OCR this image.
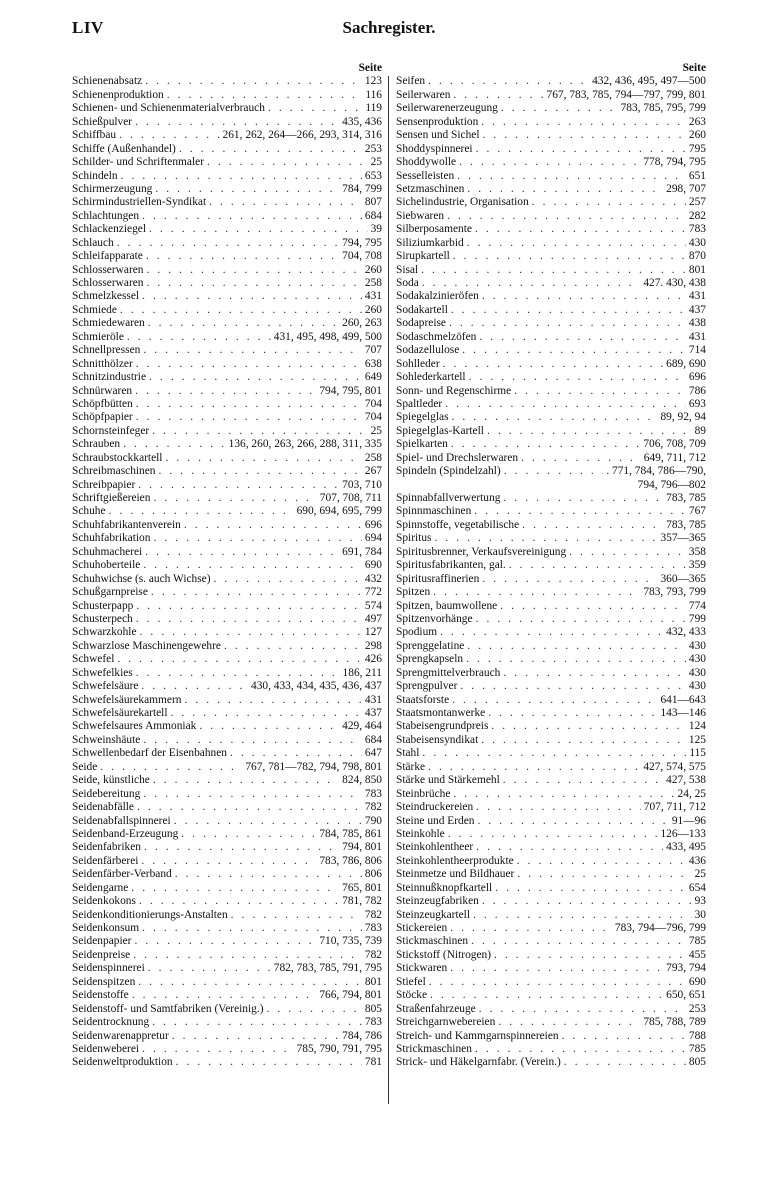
LIV	Sachregister.
Seite
Schienenabsatz . . .	123
Schienenproduktion . . .	116
Schienen- und Schienenmaterialverbrauch . . .	119
Schießpulver . . .	435, 436
Schiffbau . . .	261, 262, 264—266, 293, 314, 316
Schiffe (Außenhandel) . . .	253
Schilder- und Schriftenmaler . . .	25
Schindeln . . .	653
Schirmerzeugung . . .	784, 799
Schirmindustriellen-Syndikat . . .	807
Schlachtungen . . .	684
Schlackenziegel . . .	39
Schlauch . . .	794, 795
Schleifapparate . . .	704, 708
Schlosserwaren . . .	260
Schlosserwaren . . .	258
Schmelzkessel . . .	431
Schmiede . . .	260
Schmiedewaren . . .	260, 263
Schmieröle . . .	431, 495, 498, 499, 500
Schnellpressen . . .	707
Schnitthölzer . . .	638
Schnitzindustrie . . .	649
Schnürwaren . . .	794, 795, 801
Schöpfbütten . . .	704
Schöpfpapier . . .	704
Schornsteinfeger . . .	25
Schrauben . . .	136, 260, 263, 266, 288, 311, 335
Schraubstockkartell . . .	258
Schreibmaschinen . . .	267
Schreibpapier . . .	703, 710
Schriftgießereien . . .	707, 708, 711
Schuhe . . .	690, 694, 695, 799
Schuhfabrikantenverein . . .	696
Schuhfabrikation . . .	694
Schuhmacherei . . .	691, 784
Schuhoberteile . . .	690
Schuhwichse (s. auch Wichse) . . .	432
Schußgarnpreise . . .	772
Schusterpapp . . .	574
Schusterpech . . .	497
Schwarzkohle . . .	127
Schwarzlose Maschinengewehre . . .	298
Schwefel . . .	426
Schwefelkies . . .	186, 211
Schwefelsäure . . .	430, 433, 434, 435, 436, 437
Schwefelsäurekammern . . .	431
Schwefelsäurekartell . . .	437
Schwefelsaures Ammoniak . . .	429, 464
Schweinshäute . . .	684
Schwellenbedarf der Eisenbahnen . . .	647
Seide . . .	767, 781—782, 794, 798, 801
Seide, künstliche . . .	824, 850
Seidebereitung . . .	783
Seidenabfälle . . .	782
Seidenabfallspinnerei . . .	790
Seidenband-Erzeugung . . .	784, 785, 861
Seidenfabriken . . .	794, 801
Seidenfärberei . . .	783, 786, 806
Seidenfärber-Verband . . .	806
Seidengarne . . .	765, 801
Seidenkokons . . .	781, 782
Seidenkonditionierungs-Anstalten . . .	782
Seidenkonsum . . .	783
Seidenpapier . . .	710, 735, 739
Seidenpreise . . .	782
Seidenspinnerei . . .	782, 783, 785, 791, 795
Seidenspitzen . . .	801
Seidenstoffe . . .	766, 794, 801
Seidenstoff- und Samtfabriken (Vereinig.) . . .	805
Seidentrocknung . . .	783
Seidenwarenappretur . . .	784, 786
Seidenweberei . . .	785, 790, 791, 795
Seidenweltproduktion . . .	781
Seite
Seifen . . .	432, 436, 495, 497—500
Seilerwaren . . .	767, 783, 785, 794—797, 799, 801
Seilerwarenerzeugung . . .	783, 785, 795, 799
Sensenproduktion . . .	263
Sensen und Sichel . . .	260
Shoddyspinnerei . . .	795
Shoddywolle . . .	778, 794, 795
Sesselleisten . . .	651
Setzmaschinen . . .	298, 707
Sichelindustrie, Organisation . . .	257
Siebwaren . . .	282
Silberposamente . . .	783
Siliziumkarbid . . .	430
Sirupkartell . . .	870
Sisal . . .	801
Soda . . .	427. 430, 438
Sodakalzinieröfen . . .	431
Sodakartell . . .	437
Sodapreise . . .	438
Sodaschmelzöfen . . .	431
Sodazellulose . . .	714
Sohlleder . . .	689, 690
Sohlederkartell . . .	696
Sonn- und Regenschirme . . .	786
Spaltleder . . .	693
Spiegelglas . . .	89, 92, 94
Spiegelglas-Kartell . . .	89
Spielkarten . . .	706, 708, 709
Spiel- und Drechslerwaren . . .	649, 711, 712
Spindeln (Spindelzahl) . . .	. 771, 784, 786—790,
794, 796—802
Spinnabfallverwertung . . .	783, 785
Spinnmaschinen . . .	767
Spinnstoffe, vegetabilische . . .	783, 785
Spiritus . . .	357—365
Spiritusbrenner, Verkaufsvereinigung . . .	358
Spiritusfabrikanten, gal. . . .	359
Spiritusraffinerien . . .	360—365
Spitzen . . .	783, 793, 799
Spitzen, baumwollene . . .	774
Spitzenvorhänge . . .	799
Spodium . . .	432, 433
Sprenggelatine . . .	430
Sprengkapseln . . .	430
Sprengmittelverbrauch . . .	430
Sprengpulver . . .	430
Staatsforste . . .	641—643
Staatsmontanwerke . . .	143—146
Stabeisengrundpreis . . .	124
Stabeisensyndikat . . .	125
Stahl . . .	115
Stärke . . .	427, 574, 575
Stärke und Stärkemehl . . .	427, 538
Steinbrüche . . .	24, 25
Steindruckereien . . .	707, 711, 712
Steine und Erden . . .	91—96
Steinkohle . . .	126—133
Steinkohlentheer . . .	433, 495
Steinkohlentheerprodukte . . .	436
Steinmetze und Bildhauer . . .	25
Steinnußknopfkartell . . .	654
Steinzeugfabriken . . .	93
Steinzeugkartell . . .	30
Stickereien . . .	783, 794—796, 799
Stickmaschinen . . .	785
Stickstoff (Nitrogen) . . .	455
Stickwaren . . .	793, 794
Stiefel . . .	690
Stöcke . . .	650, 651
Straßenfahrzeuge . . .	253
Streichgarnwebereien . . .	785, 788, 789
Streich- und Kammgarnspinnereien . . .	788
Strickmaschinen . . .	785
Strick- und Häkelgarnfabr. (Verein.) . . .	805
